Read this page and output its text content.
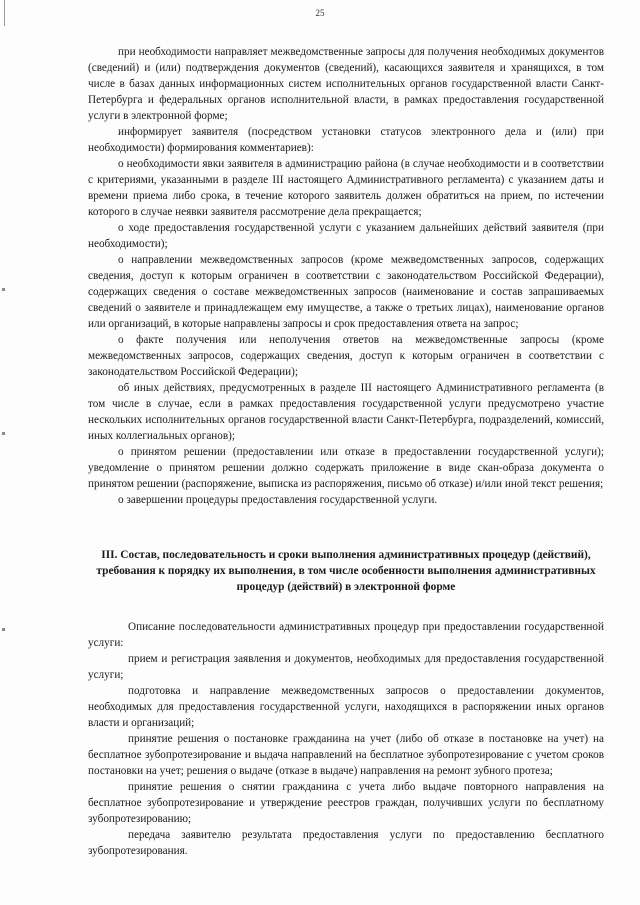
25

при необходимости направляет межведомственные запросы для получения необходимых документов (сведений) и (или) подтверждения документов (сведений), касающихся заявителя и хранящихся, в том числе в базах данных информационных систем исполнительных органов государственной власти Санкт-Петербурга и федеральных органов исполнительной власти, в рамках предоставления государственной услуги в электронной форме;

информирует заявителя (посредством установки статусов электронного дела и (или) при необходимости) формирования комментариев):

о необходимости явки заявителя в администрацию района (в случае необходимости и в соответствии с критериями, указанными в разделе III настоящего Административного регламента) с указанием даты и времени приема либо срока, в течение которого заявитель должен обратиться на прием, по истечении которого в случае неявки заявителя рассмотрение дела прекращается;

о ходе предоставления государственной услуги с указанием дальнейших действий заявителя (при необходимости);

о направлении межведомственных запросов (кроме межведомственных запросов, содержащих сведения, доступ к которым ограничен в соответствии с законодательством Российской Федерации), содержащих сведения о составе межведомственных запросов (наименование и состав запрашиваемых сведений о заявителе и принадлежащем ему имуществе, а также о третьих лицах), наименование органов или организаций, в которые направлены запросы и срок предоставления ответа на запрос;

о факте получения или неполучения ответов на межведомственные запросы (кроме межведомственных запросов, содержащих сведения, доступ к которым ограничен в соответствии с законодательством Российской Федерации);

об иных действиях, предусмотренных в разделе III настоящего Административного регламента (в том числе в случае, если в рамках предоставления государственной услуги предусмотрено участие нескольких исполнительных органов государственной власти Санкт-Петербурга, подразделений, комиссий, иных коллегиальных органов);

о принятом решении (предоставлении или отказе в предоставлении государственной услуги); уведомление о принятом решении должно содержать приложение в виде скан-образа документа о принятом решении (распоряжение, выписка из распоряжения, письмо об отказе) и/или иной текст решения;

о завершении процедуры предоставления государственной услуги.

III. Состав, последовательность и сроки выполнения административных процедур (действий), требования к порядку их выполнения, в том числе особенности выполнения административных процедур (действий) в электронной форме

Описание последовательности административных процедур при предоставлении государственной услуги:

прием и регистрация заявления и документов, необходимых для предоставления государственной услуги;

подготовка и направление межведомственных запросов о предоставлении документов, необходимых для предоставления государственной услуги, находящихся в распоряжении иных органов власти и организаций;

принятие решения о постановке гражданина на учет (либо об отказе в постановке на учет) на бесплатное зубопротезирование и выдача направлений на бесплатное зубопротезирование с учетом сроков постановки на учет; решения о выдаче (отказе в выдаче) направления на ремонт зубного протеза;

принятие решения о снятии гражданина с учета либо выдаче повторного направления на бесплатное зубопротезирование и утверждение реестров граждан, получивших услуги по бесплатному зубопротезированию;

передача заявителю результата предоставления услуги по предоставлению бесплатного зубопротезирования.
